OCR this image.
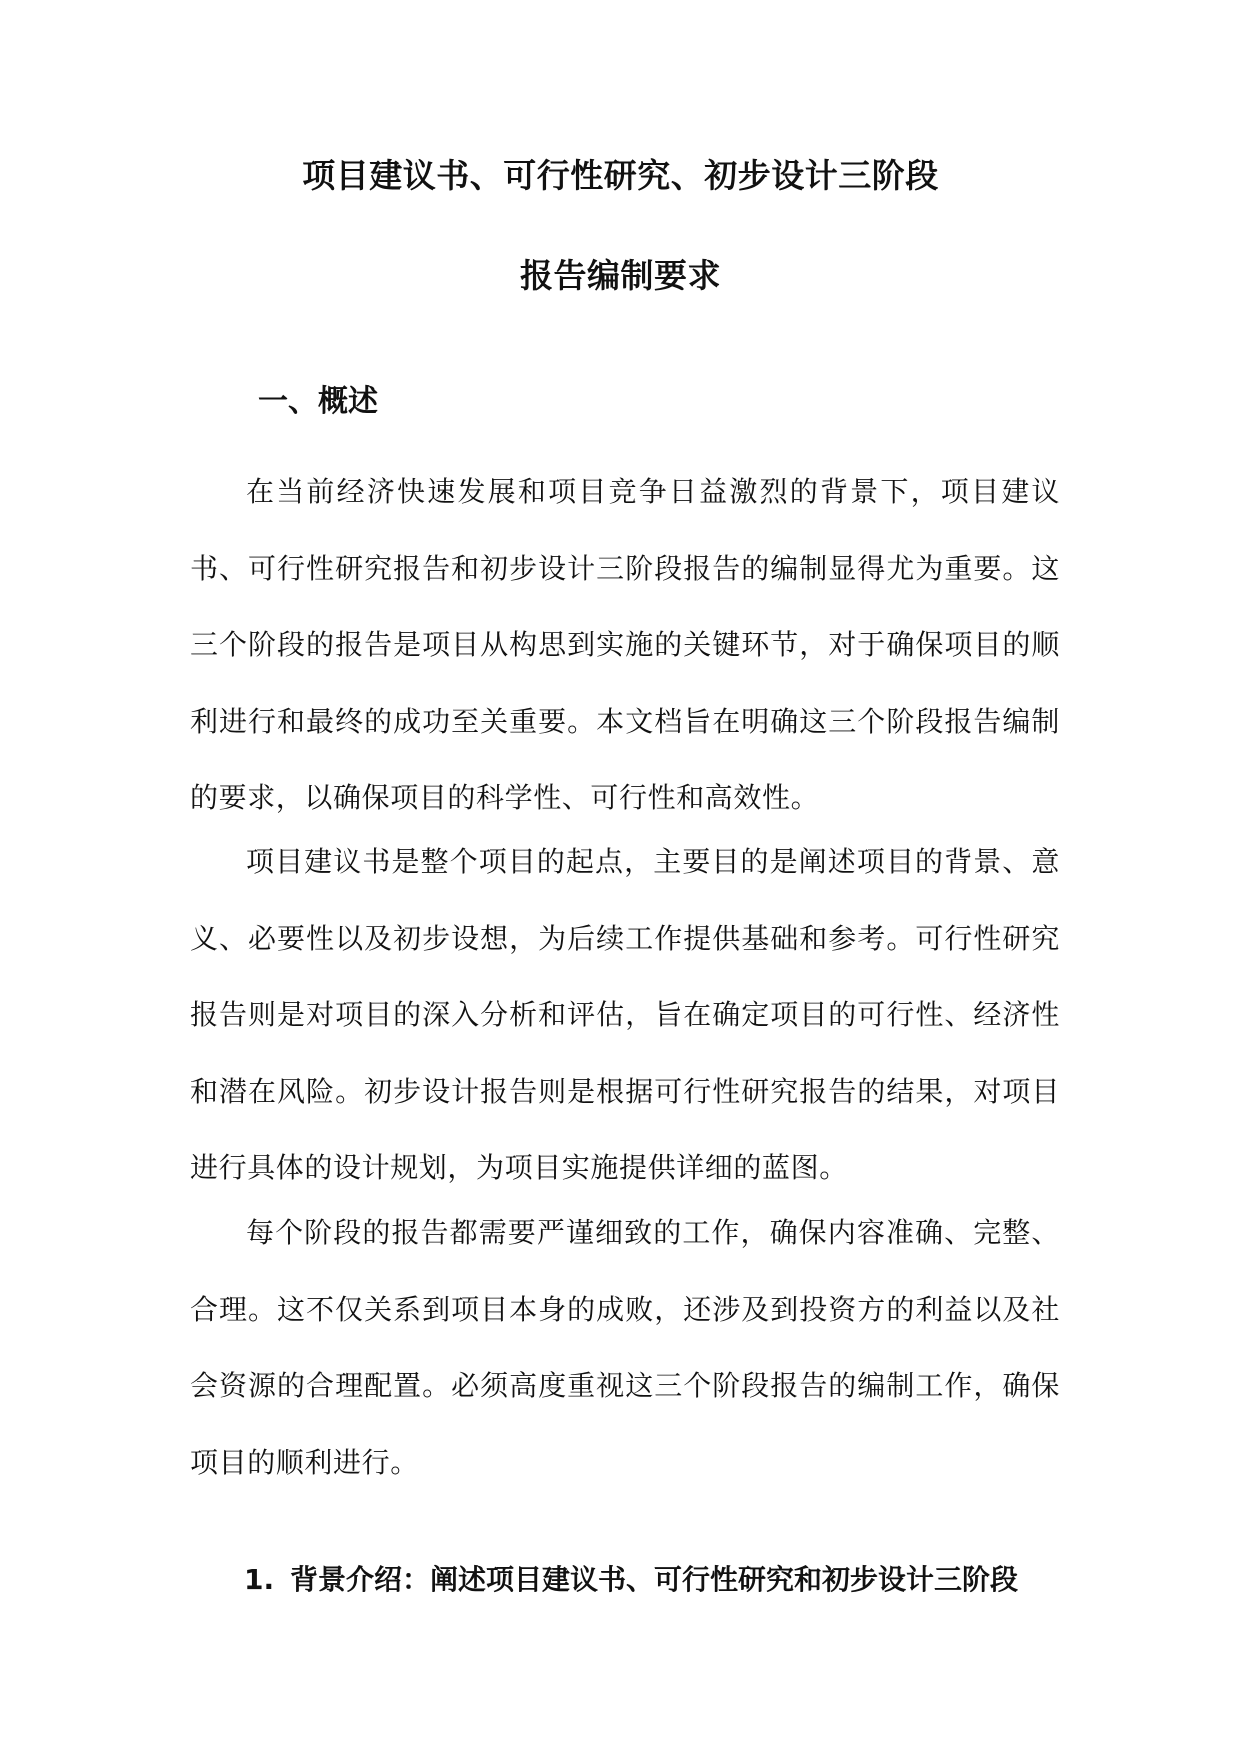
项目建议书、可行性研究、初步设计三阶段
报告编制要求
一、概述

在当前经济快速发展和项目竞争日益激烈的背景下，项目建议书、可行性研究报告和初步设计三阶段报告的编制显得尤为重要。这三个阶段的报告是项目从构思到实施的关键环节，对于确保项目的顺利进行和最终的成功至关重要。本文档旨在明确这三个阶段报告编制的要求，以确保项目的科学性、可行性和高效性。

项目建议书是整个项目的起点，主要目的是阐述项目的背景、意义、必要性以及初步设想，为后续工作提供基础和参考。可行性研究报告则是对项目的深入分析和评估，旨在确定项目的可行性、经济性和潜在风险。初步设计报告则是根据可行性研究报告的结果，对项目进行具体的设计规划，为项目实施提供详细的蓝图。

每个阶段的报告都需要严谨细致的工作，确保内容准确、完整、合理。这不仅关系到项目本身的成败，还涉及到投资方的利益以及社会资源的合理配置。必须高度重视这三个阶段报告的编制工作，确保项目的顺利进行。

1. 背景介绍：阐述项目建议书、可行性研究和初步设计三阶段
